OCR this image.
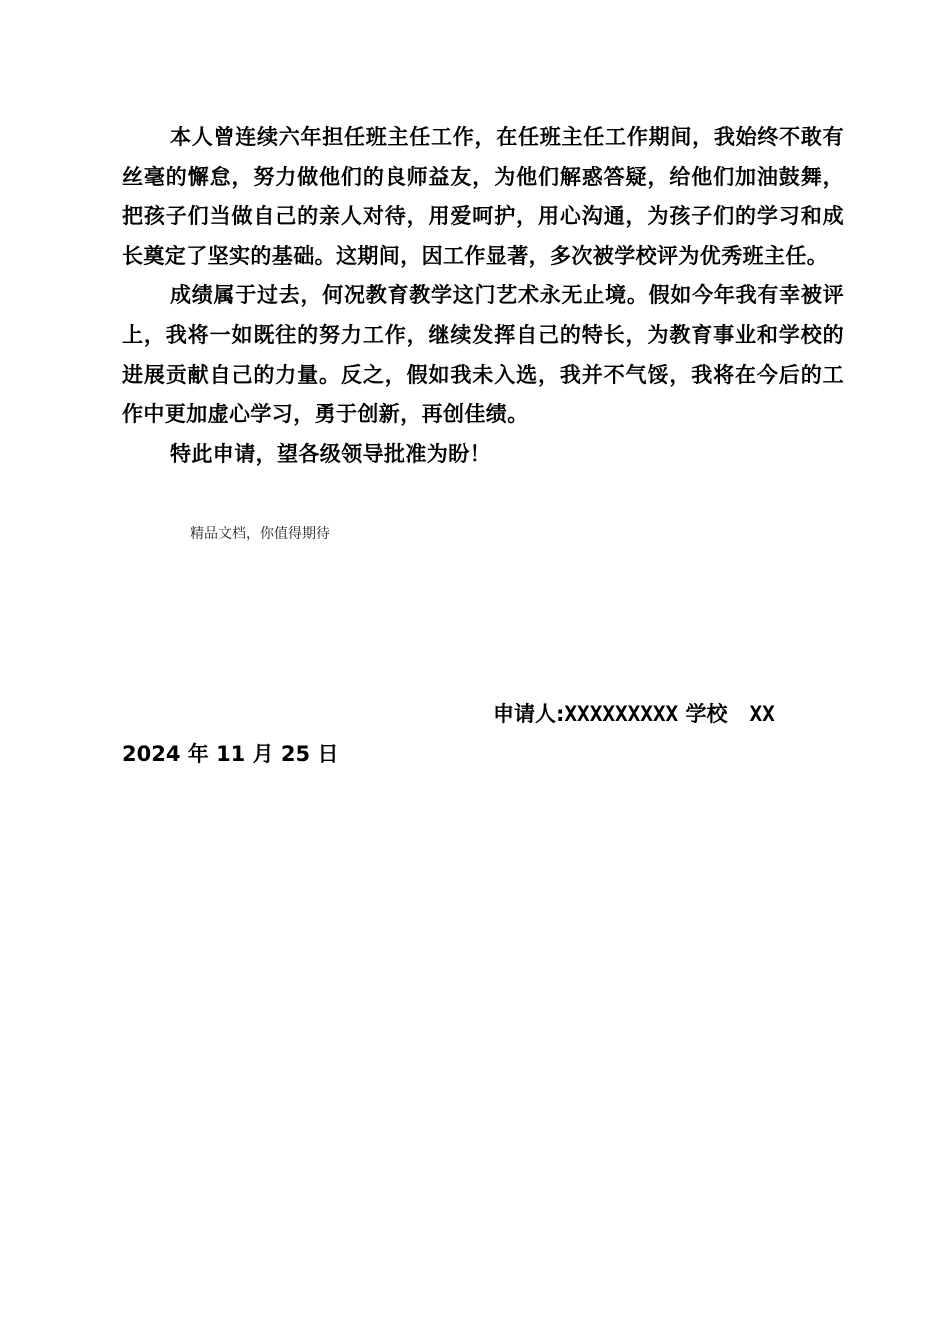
本人曾连续六年担任班主任工作，在任班主任工作期间，我始终不敢有丝毫的懈怠，努力做他们的良师益友，为他们解惑答疑，给他们加油鼓舞，把孩子们当做自己的亲人对待，用爱呵护，用心沟通，为孩子们的学习和成长奠定了坚实的基础。这期间，因工作显著，多次被学校评为优秀班主任。

成绩属于过去，何况教育教学这门艺术永无止境。假如今年我有幸被评上，我将一如既往的努力工作，继续发挥自己的特长，为教育事业和学校的进展贡献自己的力量。反之，假如我未入选，我并不气馁，我将在今后的工作中更加虚心学习，勇于创新，再创佳绩。

特此申请，望各级领导批准为盼！

精品文档，你值得期待
申请人:XXXXXXXXX 学校 XX
2024 年 11 月 25 日
